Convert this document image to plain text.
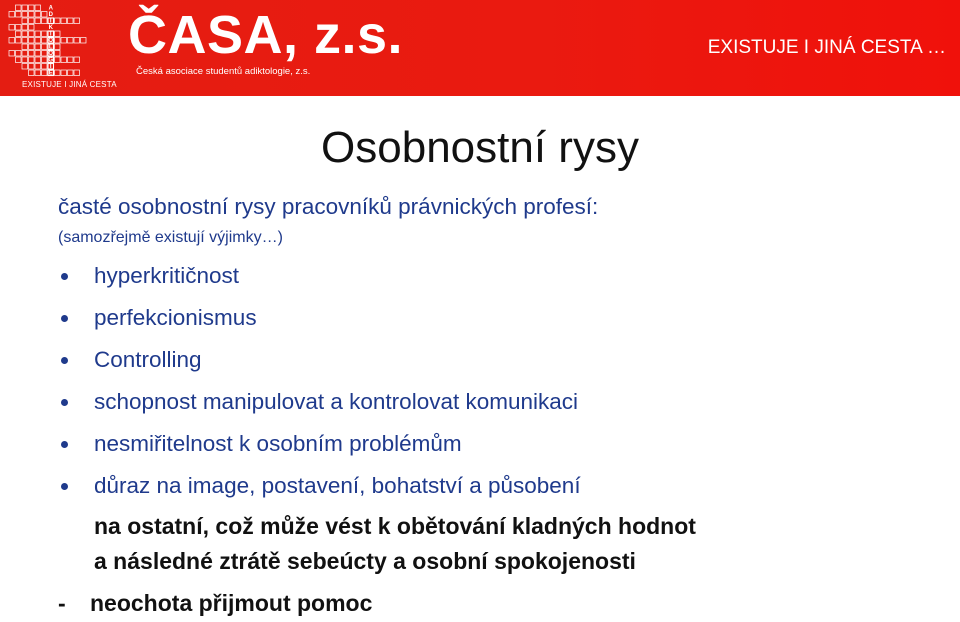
A
D
I
K
T
O
L
O
G
I
E
EXISTUJE I JINÁ CESTA
ČASA, z.s.
Česká asociace studentů adiktologie, z.s.
EXISTUJE I JINÁ CESTA …
Osobnostní rysy
časté osobnostní rysy pracovníků právnických profesí:
(samozřejmě existují výjimky…)
hyperkritičnost
perfekcionismus
Controlling
schopnost manipulovat a kontrolovat komunikaci
nesmiřitelnost k osobním problémům
důraz na image, postavení, bohatství a působení
na ostatní, což může vést k obětování kladných hodnot
a následné ztrátě sebeúcty a osobní spokojenosti
- neochota přijmout pomoc
